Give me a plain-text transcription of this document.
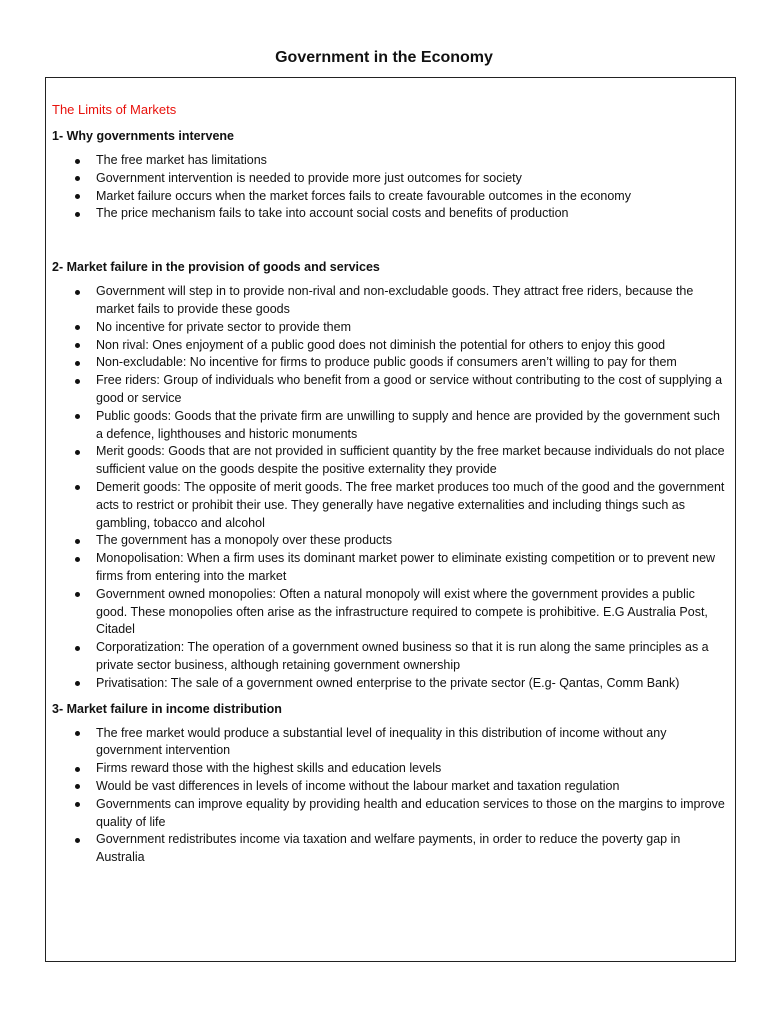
Government in the Economy

The Limits of Markets

1- Why governments intervene

The free market has limitations
Government intervention is needed to provide more just outcomes for society
Market failure occurs when the market forces fails to create favourable outcomes in the economy
The price mechanism fails to take into account social costs and benefits of production

2- Market failure in the provision of goods and services

Government will step in to provide non-rival and non-excludable goods. They attract free riders, because the market fails to provide these goods
No incentive for private sector to provide them
Non rival: Ones enjoyment of a public good does not diminish the potential for others to enjoy this good
Non-excludable: No incentive for firms to produce public goods if consumers aren’t willing to pay for them
Free riders: Group of individuals who benefit from a good or service without contributing to the cost of supplying a good or service
Public goods: Goods that the private firm are unwilling to supply and hence are provided by the government such a defence, lighthouses and historic monuments
Merit goods: Goods that are not provided in sufficient quantity by the free market because individuals do not place sufficient value on the goods despite the positive externality they provide
Demerit goods: The opposite of merit goods. The free market produces too much of the good and the government acts to restrict or prohibit their use. They generally have negative externalities and including things such as gambling, tobacco and alcohol
The government has a monopoly over these products
Monopolisation: When a firm uses its dominant market power to eliminate existing competition or to prevent new firms from entering into the market
Government owned monopolies: Often a natural monopoly will exist where the government provides a public good. These monopolies often arise as the infrastructure required to compete is prohibitive. E.G Australia Post, Citadel
Corporatization: The operation of a government owned business so that it is run along the same principles as a private sector business, although retaining government ownership
Privatisation: The sale of a government owned enterprise to the private sector (E.g- Qantas, Comm Bank)

3- Market failure in income distribution

The free market would produce a substantial level of inequality in this distribution of income without any government intervention
Firms reward those with the highest skills and education levels
Would be vast differences in levels of income without the labour market and taxation regulation
Governments can improve equality by providing health and education services to those on the margins to improve quality of life
Government redistributes income via taxation and welfare payments, in order to reduce the poverty gap in Australia
